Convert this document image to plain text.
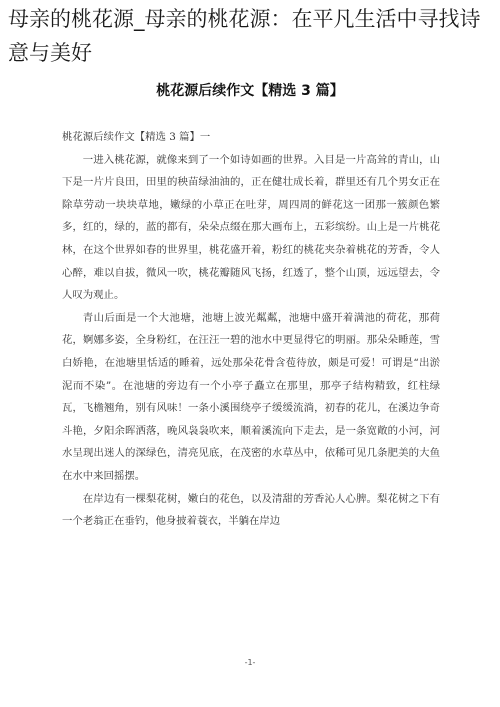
母亲的桃花源_母亲的桃花源：在平凡生活中寻找诗意与美好
桃花源后续作文【精选 3 篇】

桃花源后续作文【精选 3 篇】一

一进入桃花源，就像来到了一个如诗如画的世界。入目是一片高耸的青山，山下是一片片良田，田里的秧苗绿油油的，正在健壮成长着，群里还有几个男女正在除草劳动一块块草地，嫩绿的小草正在吐芽，周四周的鲜花这一团那一簇颜色繁多，红的，绿的，蓝的都有，朵朵点缀在那大画布上，五彩缤纷。山上是一片桃花林，在这个世界如春的世界里，桃花盛开着，粉红的桃花夹杂着桃花的芳香，令人心醉，难以自拔，微风一吹，桃花瓣随风飞扬，红透了，整个山顶，远远望去，令人叹为观止。

青山后面是一个大池塘，池塘上波光粼粼，池塘中盛开着满池的荷花，那荷花，婀娜多姿，全身粉红，在汪汪一碧的池水中更显得它的明丽。那朵朵睡莲，雪白娇艳，在池塘里恬适的睡着，远处那朵花骨含苞待放，颇是可爱！可谓是“出淤泥而不染”。在池塘的旁边有一个小亭子矗立在那里，那亭子结构精致，红柱绿瓦，飞檐翘角，别有风味！一条小溪围绕亭子缓缓流淌，初春的花儿，在溪边争奇斗艳，夕阳余晖洒落，晚风袅袅吹来，顺着溪流向下走去，是一条宽敞的小河，河水呈现出迷人的深绿色，清亮见底，在茂密的水草丛中，依稀可见几条肥美的大鱼在水中来回摇摆。

在岸边有一棵梨花树，嫩白的花色，以及清甜的芳香沁人心脾。梨花树之下有一个老翁正在垂钓，他身披着蓑衣，半躺在岸边

-1-
